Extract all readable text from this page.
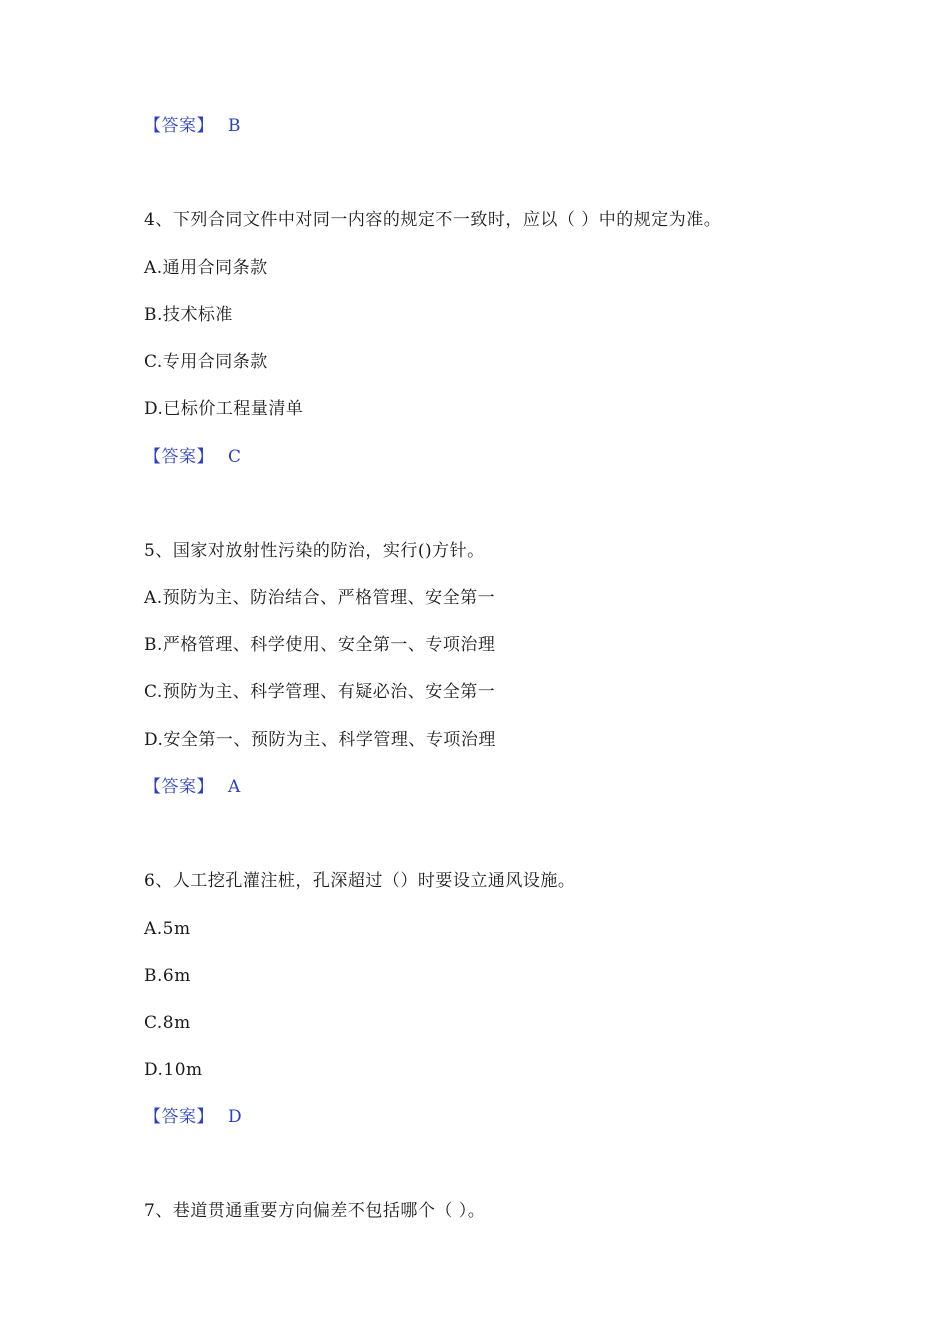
【答案】 B
4、下列合同文件中对同一内容的规定不一致时，应以（ ）中的规定为准。
A.通用合同条款
B.技术标准
C.专用合同条款
D.已标价工程量清单
【答案】 C
5、国家对放射性污染的防治，实行()方针。
A.预防为主、防治结合、严格管理、安全第一
B.严格管理、科学使用、安全第一、专项治理
C.预防为主、科学管理、有疑必治、安全第一
D.安全第一、预防为主、科学管理、专项治理
【答案】 A
6、人工挖孔灌注桩，孔深超过（）时要设立通风设施。
A.5m
B.6m
C.8m
D.10m
【答案】 D
7、巷道贯通重要方向偏差不包括哪个（ ）。
